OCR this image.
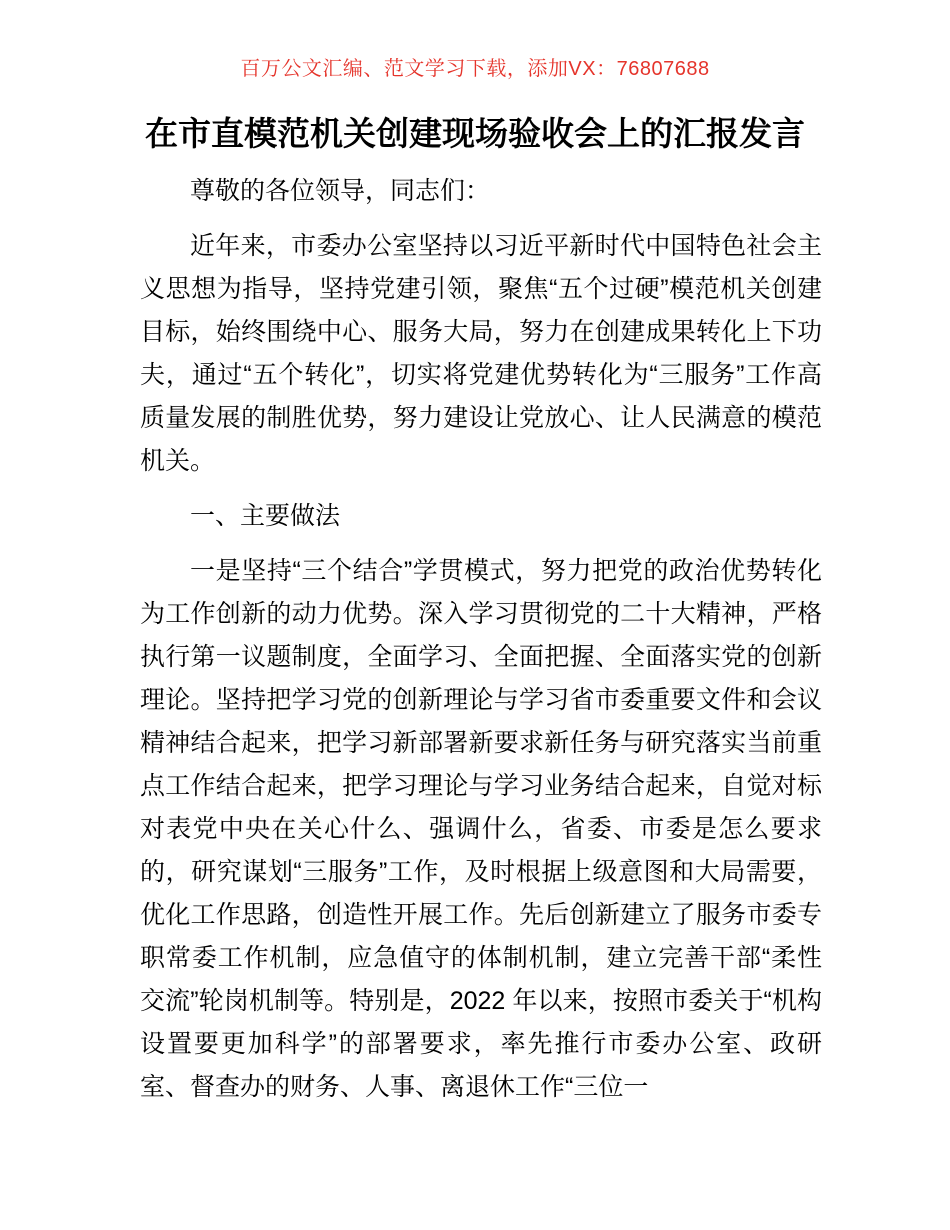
百万公文汇编、范文学习下载，添加VX：76807688
在市直模范机关创建现场验收会上的汇报发言

尊敬的各位领导，同志们：

近年来，市委办公室坚持以习近平新时代中国特色社会主义思想为指导，坚持党建引领，聚焦“五个过硬”模范机关创建目标，始终围绕中心、服务大局，努力在创建成果转化上下功夫，通过“五个转化”，切实将党建优势转化为“三服务”工作高质量发展的制胜优势，努力建设让党放心、让人民满意的模范机关。

一、主要做法

一是坚持“三个结合”学贯模式，努力把党的政治优势转化为工作创新的动力优势。深入学习贯彻党的二十大精神，严格执行第一议题制度，全面学习、全面把握、全面落实党的创新理论。坚持把学习党的创新理论与学习省市委重要文件和会议精神结合起来，把学习新部署新要求新任务与研究落实当前重点工作结合起来，把学习理论与学习业务结合起来，自觉对标对表党中央在关心什么、强调什么，省委、市委是怎么要求的，研究谋划“三服务”工作，及时根据上级意图和大局需要，优化工作思路，创造性开展工作。先后创新建立了服务市委专职常委工作机制，应急值守的体制机制，建立完善干部“柔性交流”轮岗机制等。特别是，2022 年以来，按照市委关于“机构设置要更加科学”的部署要求，率先推行市委办公室、政研室、督查办的财务、人事、离退休工作“三位一
